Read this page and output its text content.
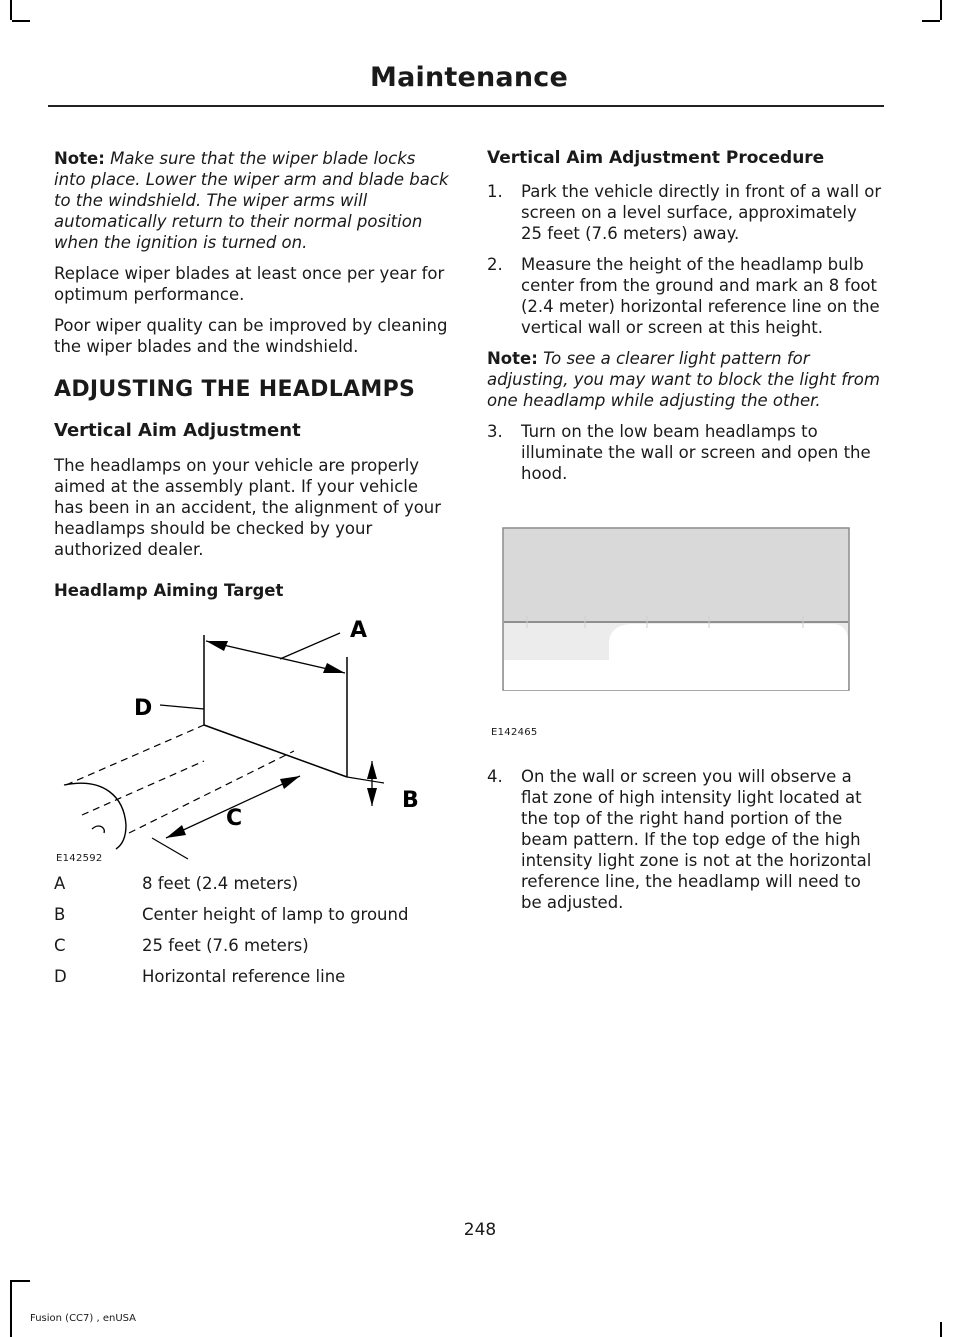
Maintenance

Note: Make sure that the wiper blade locks into place. Lower the wiper arm and blade back to the windshield. The wiper arms will automatically return to their normal position when the ignition is turned on.

Replace wiper blades at least once per year for optimum performance.

Poor wiper quality can be improved by cleaning the wiper blades and the windshield.

ADJUSTING THE HEADLAMPS
Vertical Aim Adjustment

The headlamps on your vehicle are properly aimed at the assembly plant. If your vehicle has been in an accident, the alignment of your headlamps should be checked by your authorized dealer.

Headlamp Aiming Target
A
D
B
C
E142592
A	8 feet (2.4 meters)
B	Center height of lamp to ground
C	25 feet (7.6 meters)
D	Horizontal reference line
Vertical Aim Adjustment Procedure
1.	Park the vehicle directly in front of a wall or screen on a level surface, approximately 25 feet (7.6 meters) away.
2.	Measure the height of the headlamp bulb center from the ground and mark an 8 foot (2.4 meter) horizontal reference line on the vertical wall or screen at this height.

Note: To see a clearer light pattern for adjusting, you may want to block the light from one headlamp while adjusting the other.

3.	Turn on the low beam headlamps to illuminate the wall or screen and open the hood.
E142465
4.	On the wall or screen you will observe a flat zone of high intensity light located at the top of the right hand portion of the beam pattern. If the top edge of the high intensity light zone is not at the horizontal reference line, the headlamp will need to be adjusted.
248
Fusion (CC7) , enUSA
